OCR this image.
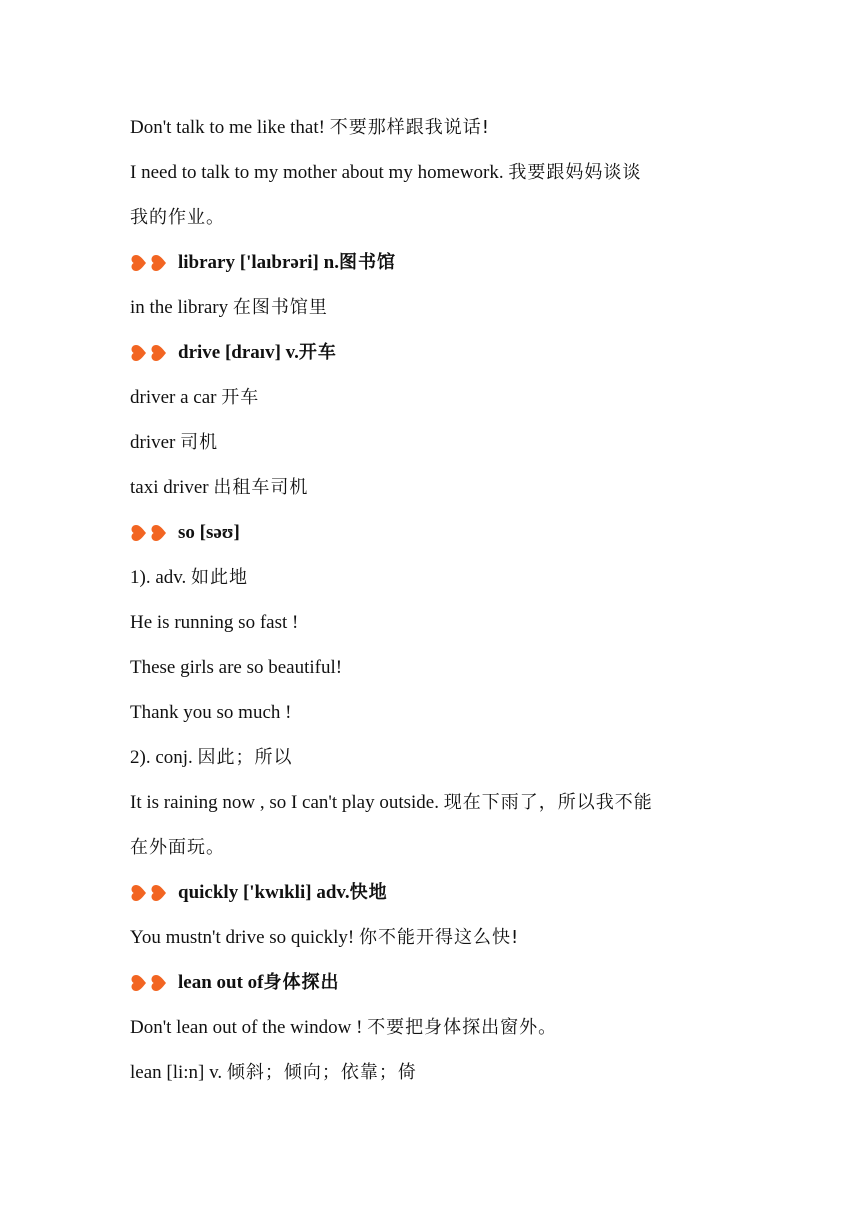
Don't talk to me like that! 不要那样跟我说话!
I need to talk to my mother about my homework. 我要跟妈妈谈谈
我的作业。
library ['laıbrəri] n. 图书馆
in the library 在图书馆里
drive [draıv] v. 开车
driver a car 开车
driver 司机
taxi driver 出租车司机
so [səʊ]
1). adv. 如此地
He is running so fast !
These girls are so beautiful!
Thank you so much !
2). conj. 因此；所以
It is raining now , so I can't play outside. 现在下雨了，所以我不能
在外面玩。
quickly ['kwıkli] adv. 快地
You mustn't drive so quickly! 你不能开得这么快!
lean out of 身体探出
Don't lean out of the window ! 不要把身体探出窗外。
lean [li:n] v. 倾斜；倾向；依靠；倚
